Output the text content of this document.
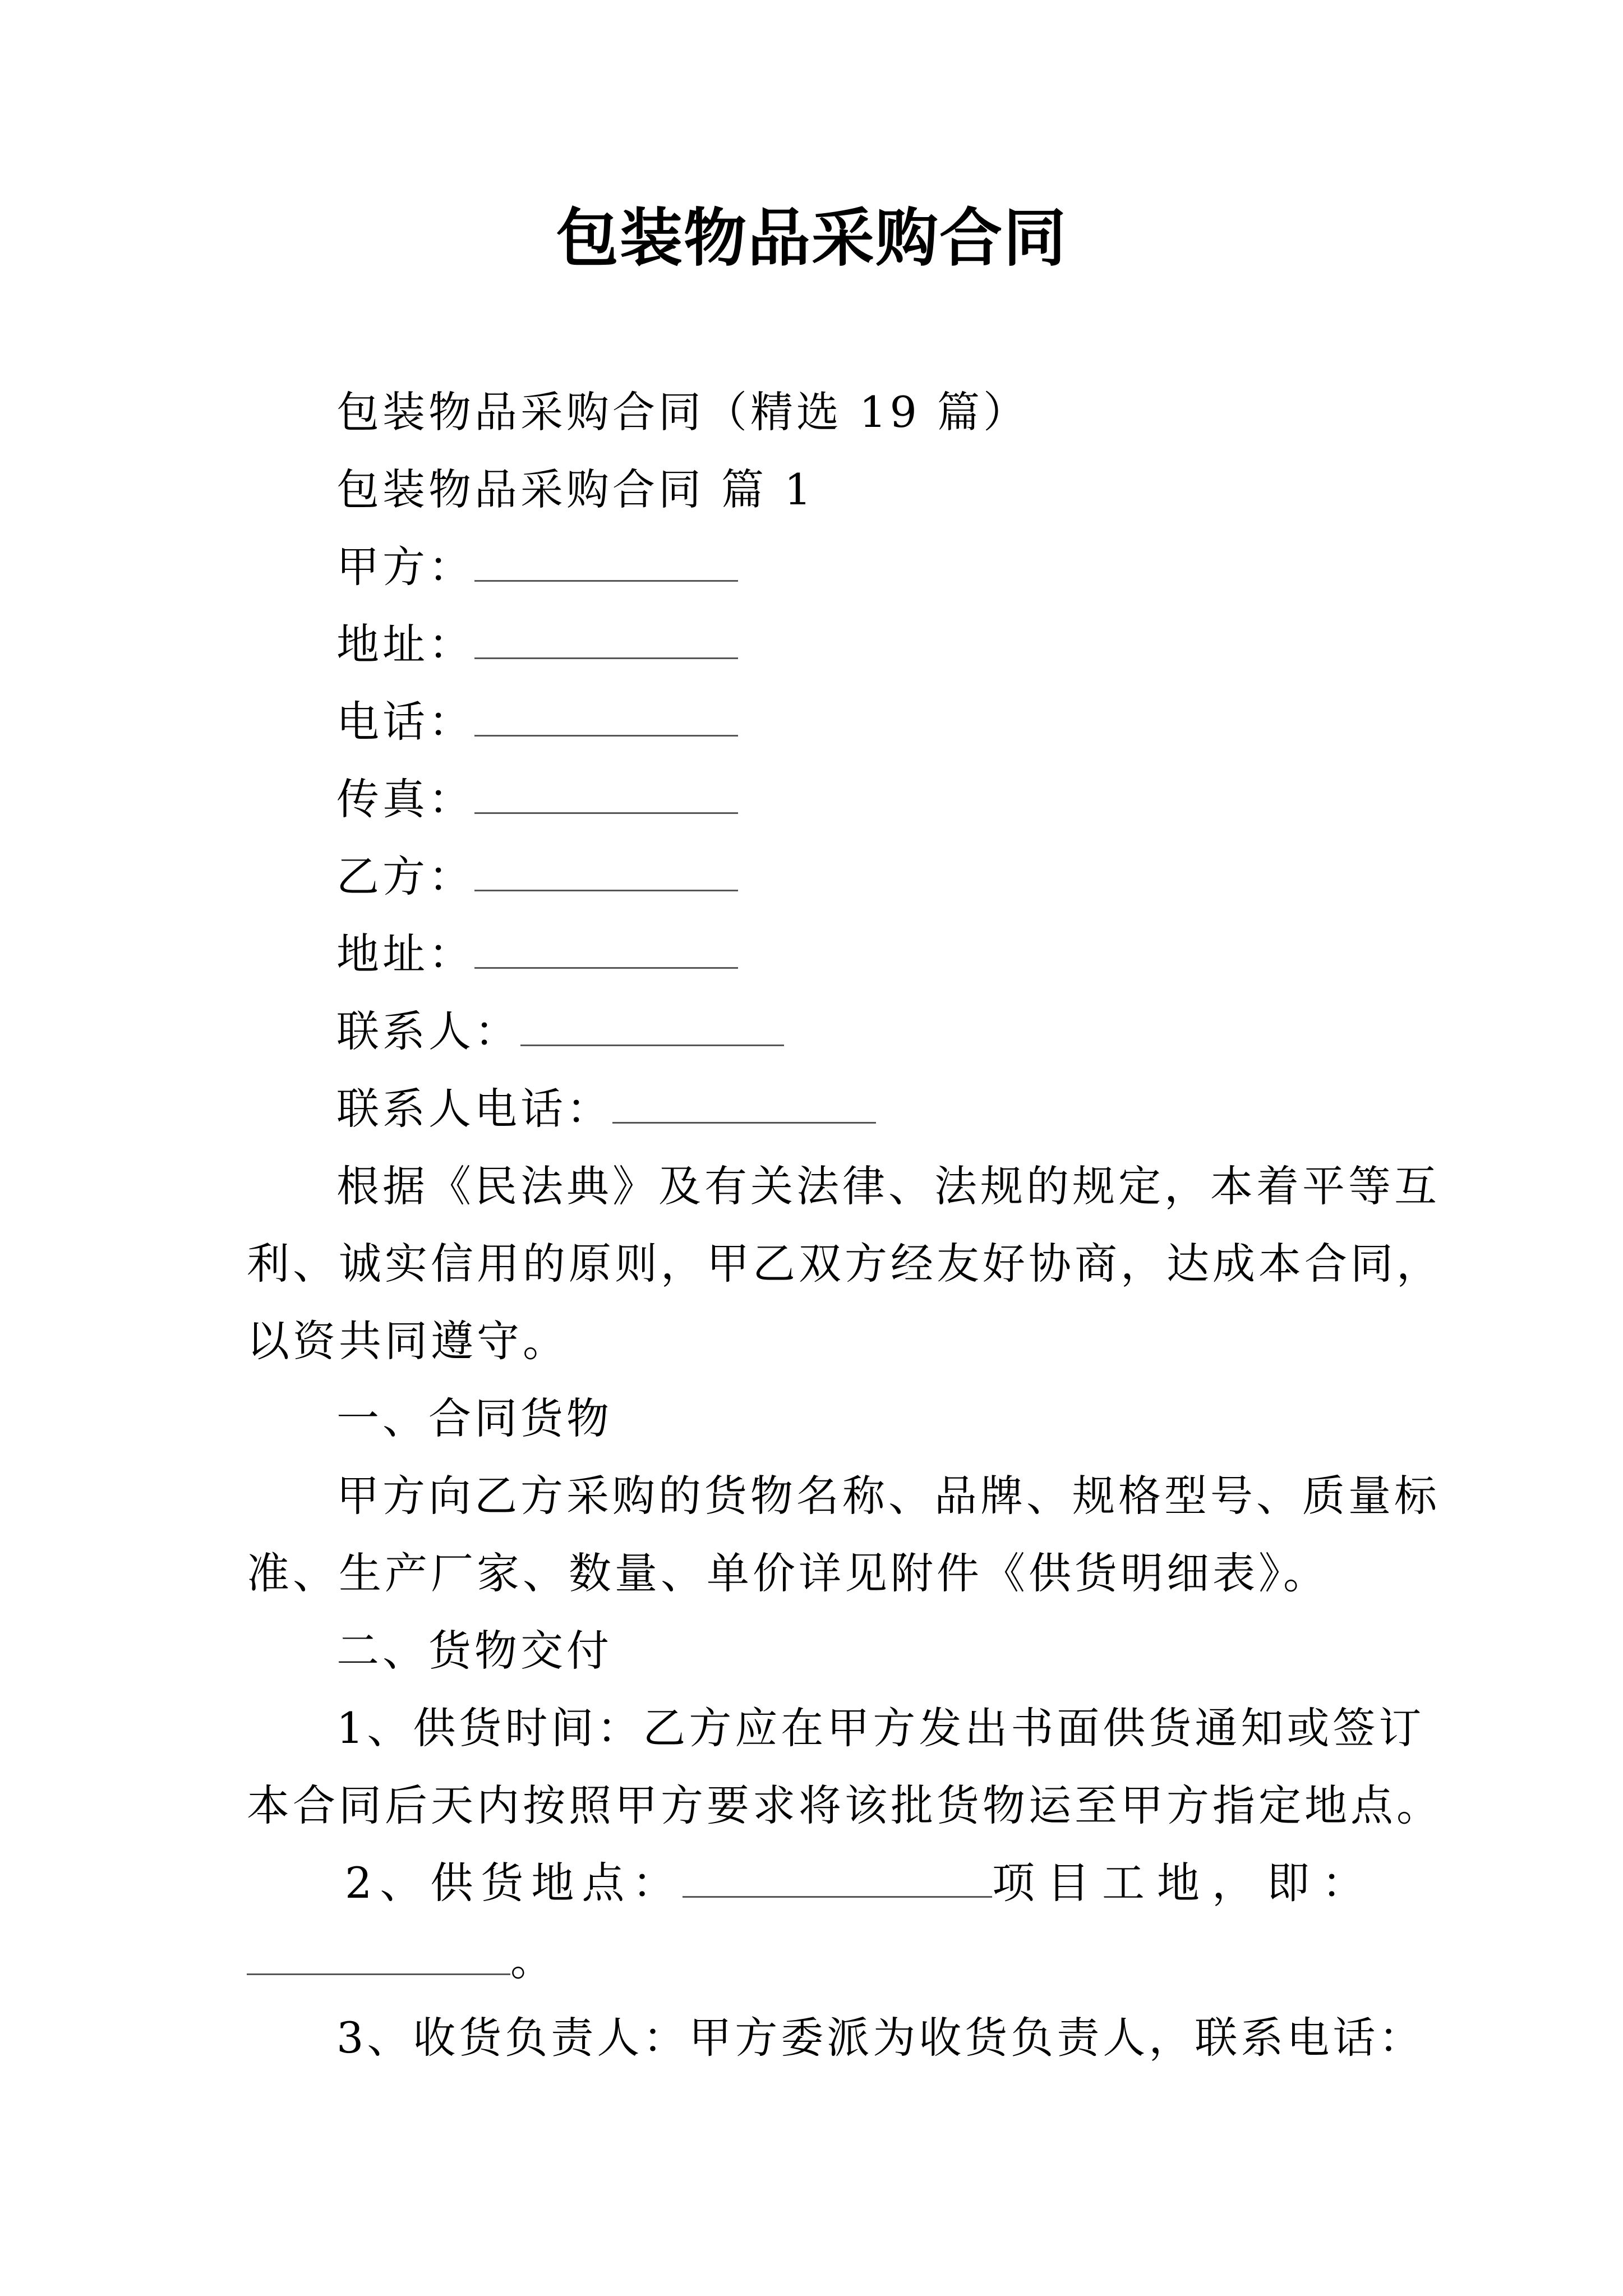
包装物品采购合同
包装物品采购合同（精选 19 篇）
包装物品采购合同 篇 1
甲方：
地址：
电话：
传真：
乙方：
地址：
联系人：
联系人电话：
根据《民法典》及有关法律、法规的规定，本着平等互
利、诚实信用的原则，甲乙双方经友好协商，达成本合同，
以资共同遵守。
一、合同货物
甲方向乙方采购的货物名称、品牌、规格型号、质量标
准、生产厂家、数量、单价详见附件《供货明细表》。
二、货物交付
1、供货时间：乙方应在甲方发出书面供货通知或签订
本合同后天内按照甲方要求将该批货物运至甲方指定地点。
2、供货地点：	项目工地，即：
。
3、收货负责人：甲方委派为收货负责人，联系电话：
